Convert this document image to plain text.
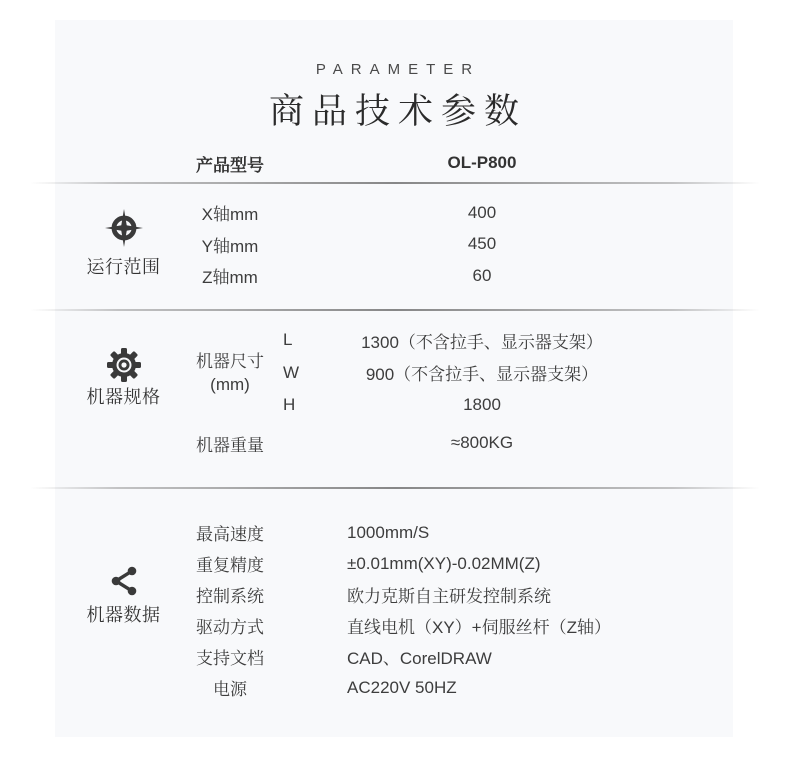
PARAMETER
商品技术参数
产品型号	OL-P800
运行范围
X轴mm	400
Y轴mm	450
Z轴mm	60
机器规格
机器尺寸
(mm)
L	1300（不含拉手、显示器支架）
W	900（不含拉手、显示器支架）
H	1800
机器重量	≈800KG
机器数据
最高速度	1000mm/S
重复精度	±0.01mm(XY)-0.02MM(Z)
控制系统	欧力克斯自主研发控制系统
驱动方式	直线电机（XY）+伺服丝杆（Z轴）
支持文档	CAD、CorelDRAW
电源	AC220V 50HZ
